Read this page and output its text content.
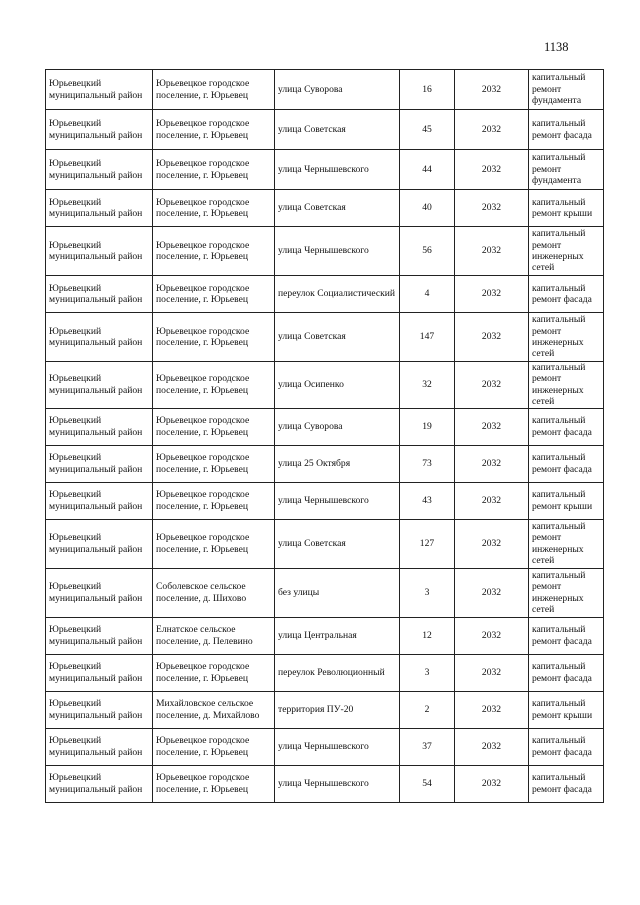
1138
Юрьевецкий муниципальный район	Юрьевецкое городское поселение, г. Юрьевец	улица Суворова	16	2032	капитальный ремонт фундамента
Юрьевецкий муниципальный район	Юрьевецкое городское поселение, г. Юрьевец	улица Советская	45	2032	капитальный ремонт фасада
Юрьевецкий муниципальный район	Юрьевецкое городское поселение, г. Юрьевец	улица Чернышевского	44	2032	капитальный ремонт фундамента
Юрьевецкий муниципальный район	Юрьевецкое городское поселение, г. Юрьевец	улица Советская	40	2032	капитальный ремонт крыши
Юрьевецкий муниципальный район	Юрьевецкое городское поселение, г. Юрьевец	улица Чернышевского	56	2032	капитальный ремонт инженерных сетей
Юрьевецкий муниципальный район	Юрьевецкое городское поселение, г. Юрьевец	переулок Социалистический	4	2032	капитальный ремонт фасада
Юрьевецкий муниципальный район	Юрьевецкое городское поселение, г. Юрьевец	улица Советская	147	2032	капитальный ремонт инженерных сетей
Юрьевецкий муниципальный район	Юрьевецкое городское поселение, г. Юрьевец	улица Осипенко	32	2032	капитальный ремонт инженерных сетей
Юрьевецкий муниципальный район	Юрьевецкое городское поселение, г. Юрьевец	улица Суворова	19	2032	капитальный ремонт фасада
Юрьевецкий муниципальный район	Юрьевецкое городское поселение, г. Юрьевец	улица 25 Октября	73	2032	капитальный ремонт фасада
Юрьевецкий муниципальный район	Юрьевецкое городское поселение, г. Юрьевец	улица Чернышевского	43	2032	капитальный ремонт крыши
Юрьевецкий муниципальный район	Юрьевецкое городское поселение, г. Юрьевец	улица Советская	127	2032	капитальный ремонт инженерных сетей
Юрьевецкий муниципальный район	Соболевское сельское поселение, д. Шихово	без улицы	3	2032	капитальный ремонт инженерных сетей
Юрьевецкий муниципальный район	Елнатское сельское поселение, д. Пелевино	улица Центральная	12	2032	капитальный ремонт фасада
Юрьевецкий муниципальный район	Юрьевецкое городское поселение, г. Юрьевец	переулок Революционный	3	2032	капитальный ремонт фасада
Юрьевецкий муниципальный район	Михайловское сельское поселение, д. Михайлово	территория ПУ-20	2	2032	капитальный ремонт крыши
Юрьевецкий муниципальный район	Юрьевецкое городское поселение, г. Юрьевец	улица Чернышевского	37	2032	капитальный ремонт фасада
Юрьевецкий муниципальный район	Юрьевецкое городское поселение, г. Юрьевец	улица Чернышевского	54	2032	капитальный ремонт фасада
